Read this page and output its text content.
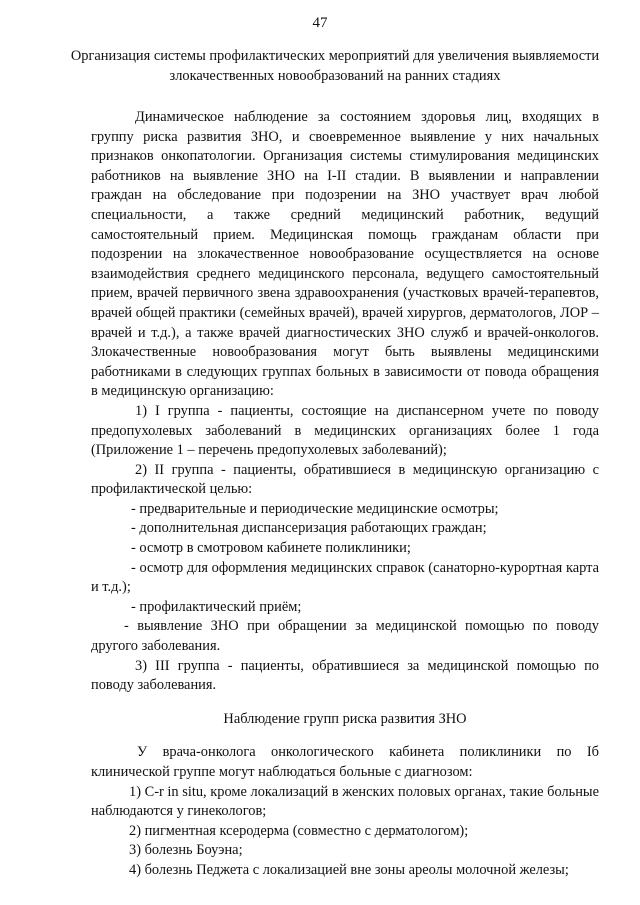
47
Организация системы профилактических мероприятий для увеличения выявляемости злокачественных новообразований на ранних стадиях

Динамическое наблюдение за состоянием здоровья лиц, входящих в группу риска развития ЗНО, и своевременное выявление у них начальных признаков онкопатологии. Организация системы стимулирования медицинских работников на выявление ЗНО на I-II стадии. В выявлении и направлении граждан на обследование при подозрении на ЗНО участвует врач любой специальности, а также средний медицинский работник, ведущий самостоятельный прием. Медицинская помощь гражданам области при подозрении на злокачественное новообразование осуществляется на основе взаимодействия среднего медицинского персонала, ведущего самостоятельный прием, врачей первичного звена здравоохранения (участковых врачей-терапевтов, врачей общей практики (семейных врачей), врачей хирургов, дерматологов, ЛОР – врачей и т.д.), а также врачей диагностических ЗНО служб и врачей-онкологов. Злокачественные новообразования могут быть выявлены медицинскими работниками в следующих группах больных в зависимости от повода обращения в медицинскую организацию:

1) I группа - пациенты, состоящие на диспансерном учете по поводу предопухолевых заболеваний в медицинских организациях более 1 года (Приложение 1 – перечень предопухолевых заболеваний);

2) II группа - пациенты, обратившиеся в медицинскую организацию с профилактической целью:

- предварительные и периодические медицинские осмотры;

- дополнительная диспансеризация работающих граждан;

- осмотр в смотровом кабинете поликлиники;

- осмотр для оформления медицинских справок (санаторно-курортная карта и т.д.);

- профилактический приём;

- выявление ЗНО при обращении за медицинской помощью по поводу другого заболевания.

3) III группа - пациенты, обратившиеся за медицинской помощью по поводу заболевания.

Наблюдение групп риска развития ЗНО

У врача-онколога онкологического кабинета поликлиники по Iб клинической группе могут наблюдаться больные с диагнозом:

1) C-r in situ, кроме локализаций в женских половых органах, такие больные наблюдаются у гинекологов;

2) пигментная ксеродерма (совместно с дерматологом);

3) болезнь Боуэна;

4) болезнь Педжета с локализацией вне зоны ареолы молочной железы;
